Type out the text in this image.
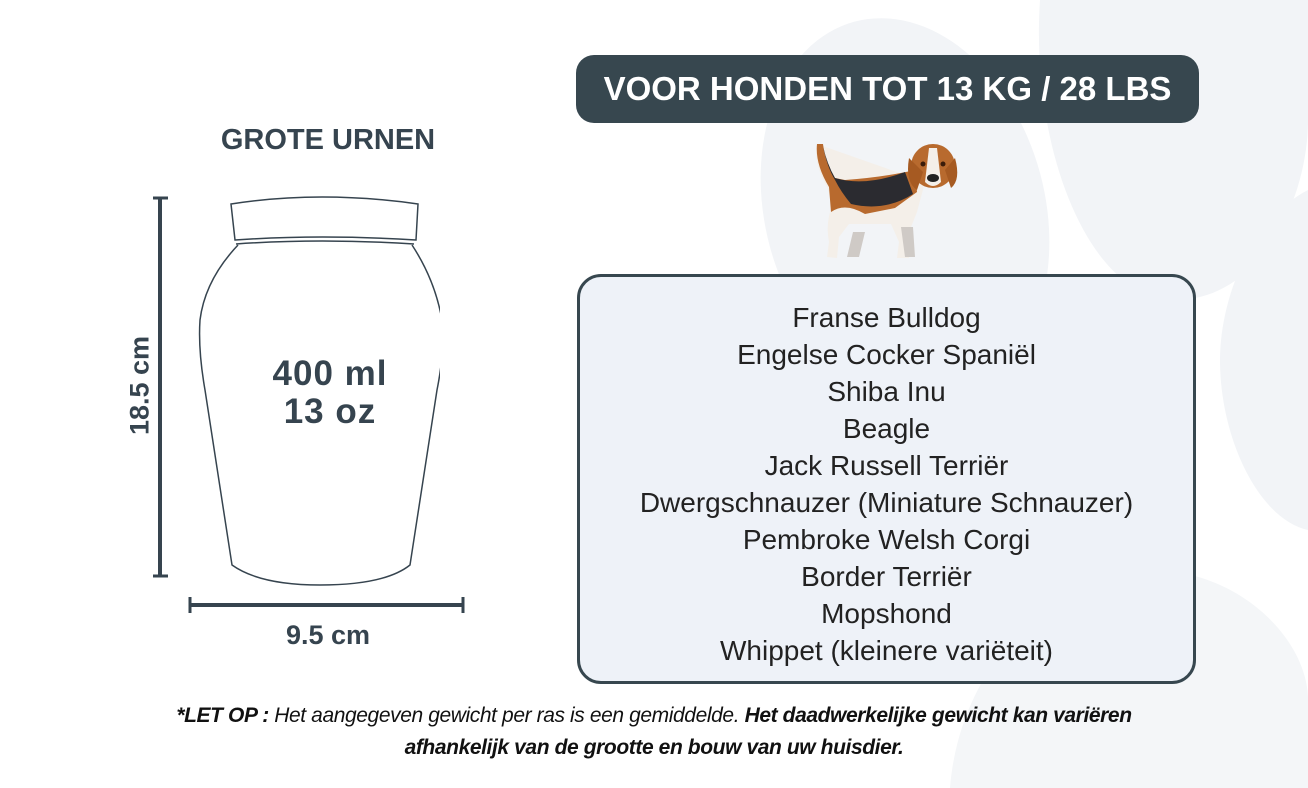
VOOR HONDEN TOT 13 KG / 28 LBS
GROTE URNEN
400 ml
13 oz
18.5 cm
9.5 cm
Franse Bulldog
Engelse Cocker Spaniël
Shiba Inu
Beagle
Jack Russell Terriër
Dwergschnauzer (Miniature Schnauzer)
Pembroke Welsh Corgi
Border Terriër
Mopshond
Whippet (kleinere variëteit)
*LET OP : Het aangegeven gewicht per ras is een gemiddelde. Het daadwerkelijke gewicht kan variëren afhankelijk van de grootte en bouw van uw huisdier.
